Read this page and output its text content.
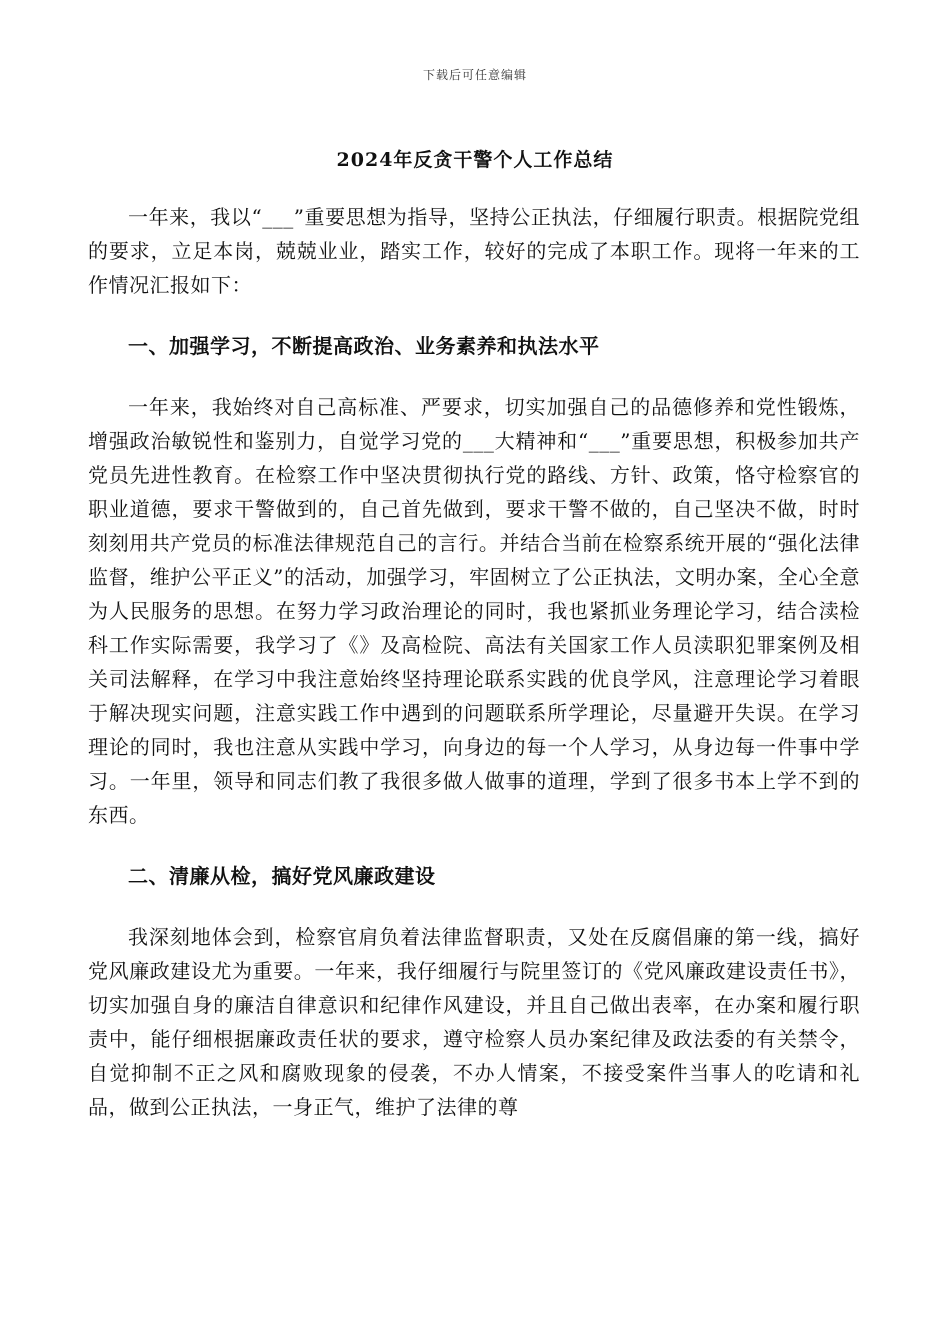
下载后可任意编辑
2024年反贪干警个人工作总结

一年来，我以“___”重要思想为指导，坚持公正执法，仔细履行职责。根据院党组的要求，立足本岗，兢兢业业，踏实工作，较好的完成了本职工作。现将一年来的工作情况汇报如下：

一、加强学习，不断提高政治、业务素养和执法水平

一年来，我始终对自己高标准、严要求，切实加强自己的品德修养和党性锻炼，增强政治敏锐性和鉴别力，自觉学习党的___大精神和“___”重要思想，积极参加共产党员先进性教育。在检察工作中坚决贯彻执行党的路线、方针、政策，恪守检察官的职业道德，要求干警做到的，自己首先做到，要求干警不做的，自己坚决不做，时时刻刻用共产党员的标准法律规范自己的言行。并结合当前在检察系统开展的“强化法律监督，维护公平正义”的活动，加强学习，牢固树立了公正执法，文明办案，全心全意为人民服务的思想。在努力学习政治理论的同时，我也紧抓业务理论学习，结合渎检科工作实际需要，我学习了《》及高检院、高法有关国家工作人员渎职犯罪案例及相关司法解释，在学习中我注意始终坚持理论联系实践的优良学风，注意理论学习着眼于解决现实问题，注意实践工作中遇到的问题联系所学理论，尽量避开失误。在学习理论的同时，我也注意从实践中学习，向身边的每一个人学习，从身边每一件事中学习。一年里，领导和同志们教了我很多做人做事的道理，学到了很多书本上学不到的东西。

二、清廉从检，搞好党风廉政建设

我深刻地体会到，检察官肩负着法律监督职责，又处在反腐倡廉的第一线，搞好党风廉政建设尤为重要。一年来，我仔细履行与院里签订的《党风廉政建设责任书》，切实加强自身的廉洁自律意识和纪律作风建设，并且自己做出表率，在办案和履行职责中，能仔细根据廉政责任状的要求，遵守检察人员办案纪律及政法委的有关禁令，自觉抑制不正之风和腐败现象的侵袭，不办人情案，不接受案件当事人的吃请和礼品，做到公正执法，一身正气，维护了法律的尊
